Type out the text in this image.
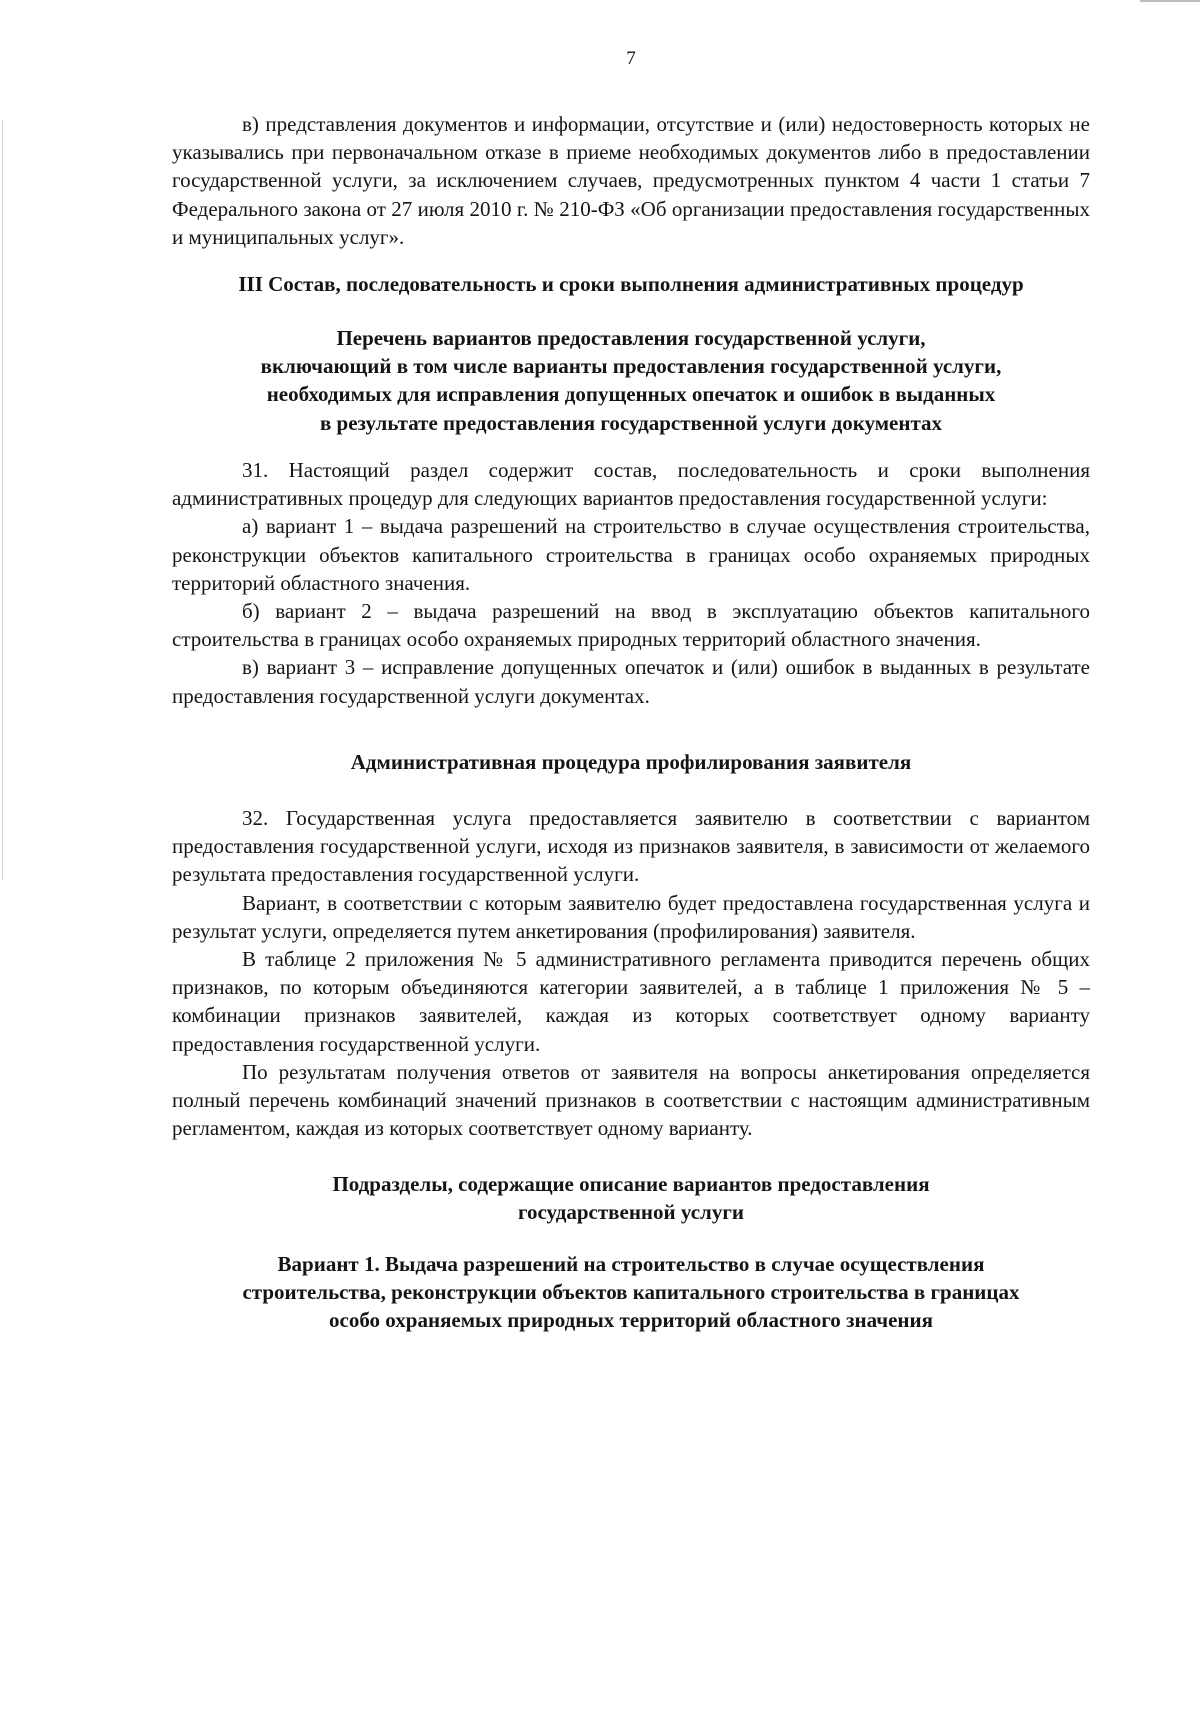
7

в) представления документов и информации, отсутствие и (или) недостоверность которых не указывались при первоначальном отказе в приеме необходимых документов либо в предоставлении государственной услуги, за исключением случаев, предусмотренных пунктом 4 части 1 статьи 7 Федерального закона от 27 июля 2010 г. № 210-ФЗ «Об организации предоставления государственных и муниципальных услуг».

III Состав, последовательность и сроки выполнения административных процедур
Перечень вариантов предоставления государственной услуги,
включающий в том числе варианты предоставления государственной услуги,
необходимых для исправления допущенных опечаток и ошибок в выданных
в результате предоставления государственной услуги документах

31. Настоящий раздел содержит состав, последовательность и сроки выполнения административных процедур для следующих вариантов предоставления государственной услуги:

а) вариант 1 – выдача разрешений на строительство в случае осуществления строительства, реконструкции объектов капитального строительства в границах особо охраняемых природных территорий областного значения.

б) вариант 2 – выдача разрешений на ввод в эксплуатацию объектов капитального строительства в границах особо охраняемых природных территорий областного значения.

в) вариант 3 – исправление допущенных опечаток и (или) ошибок в выданных в результате предоставления государственной услуги документах.

Административная процедура профилирования заявителя

32. Государственная услуга предоставляется заявителю в соответствии с вариантом предоставления государственной услуги, исходя из признаков заявителя, в зависимости от желаемого результата предоставления государственной услуги.

Вариант, в соответствии с которым заявителю будет предоставлена государственная услуга и результат услуги, определяется путем анкетирования (профилирования) заявителя.

В таблице 2 приложения № 5 административного регламента приводится перечень общих признаков, по которым объединяются категории заявителей, а в таблице 1 приложения № 5 – комбинации признаков заявителей, каждая из которых соответствует одному варианту предоставления государственной услуги.

По результатам получения ответов от заявителя на вопросы анкетирования определяется полный перечень комбинаций значений признаков в соответствии с настоящим административным регламентом, каждая из которых соответствует одному варианту.

Подразделы, содержащие описание вариантов предоставления
государственной услуги
Вариант 1. Выдача разрешений на строительство в случае осуществления
строительства, реконструкции объектов капитального строительства в границах
особо охраняемых природных территорий областного значения
